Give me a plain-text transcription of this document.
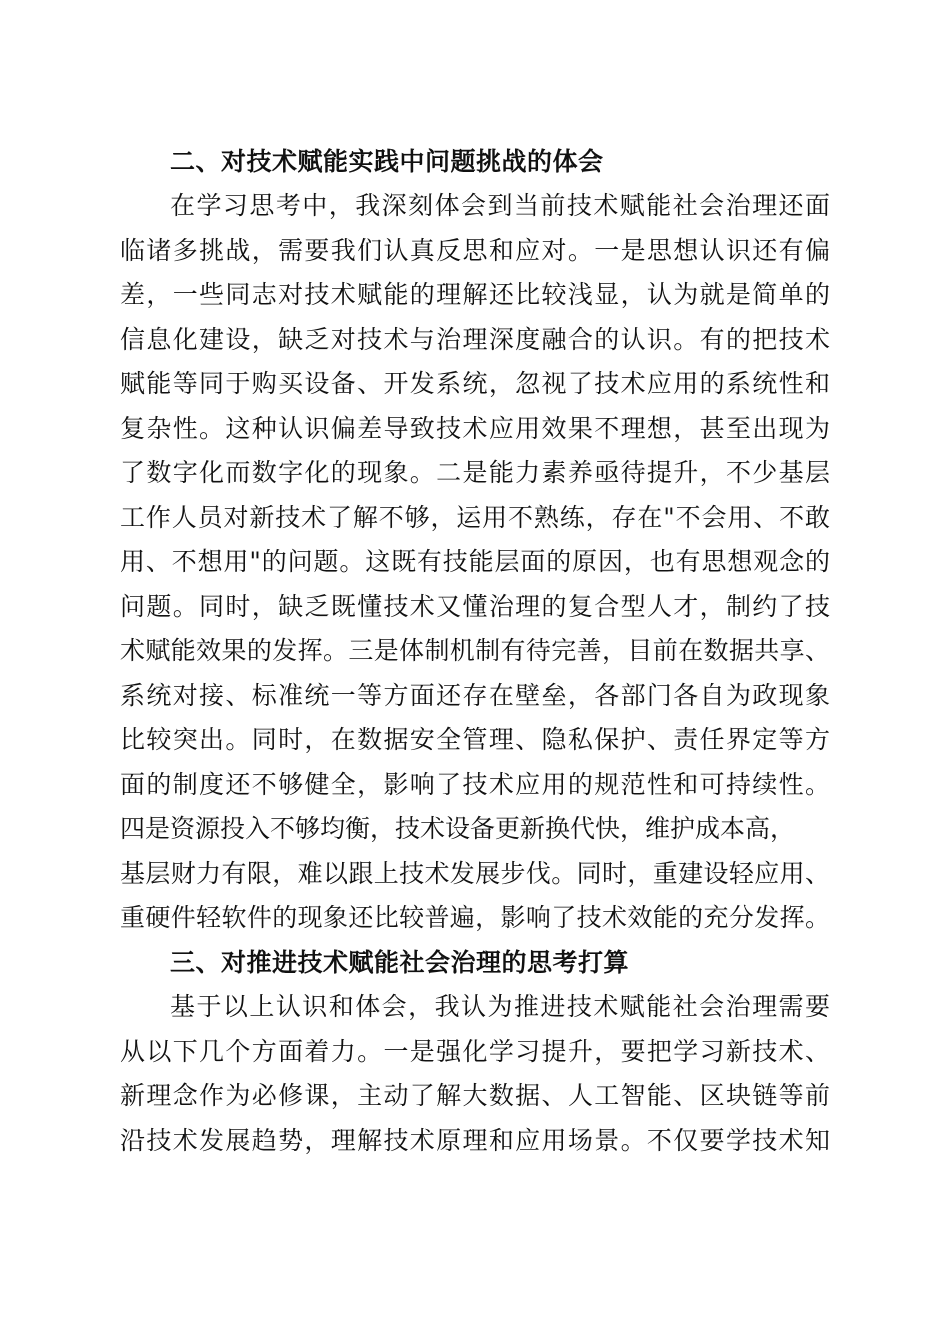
二、对技术赋能实践中问题挑战的体会
在学习思考中，我深刻体会到当前技术赋能社会治理还面
临诸多挑战，需要我们认真反思和应对。一是思想认识还有偏
差，一些同志对技术赋能的理解还比较浅显，认为就是简单的
信息化建设，缺乏对技术与治理深度融合的认识。有的把技术
赋能等同于购买设备、开发系统，忽视了技术应用的系统性和
复杂性。这种认识偏差导致技术应用效果不理想，甚至出现为
了数字化而数字化的现象。二是能力素养亟待提升，不少基层
工作人员对新技术了解不够，运用不熟练，存在"不会用、不敢
用、不想用"的问题。这既有技能层面的原因，也有思想观念的
问题。同时，缺乏既懂技术又懂治理的复合型人才，制约了技
术赋能效果的发挥。三是体制机制有待完善，目前在数据共享、
系统对接、标准统一等方面还存在壁垒，各部门各自为政现象
比较突出。同时，在数据安全管理、隐私保护、责任界定等方
面的制度还不够健全，影响了技术应用的规范性和可持续性。
四是资源投入不够均衡，技术设备更新换代快，维护成本高，
基层财力有限，难以跟上技术发展步伐。同时，重建设轻应用、
重硬件轻软件的现象还比较普遍，影响了技术效能的充分发挥。
三、对推进技术赋能社会治理的思考打算
基于以上认识和体会，我认为推进技术赋能社会治理需要
从以下几个方面着力。一是强化学习提升，要把学习新技术、
新理念作为必修课，主动了解大数据、人工智能、区块链等前
沿技术发展趋势，理解技术原理和应用场景。不仅要学技术知
